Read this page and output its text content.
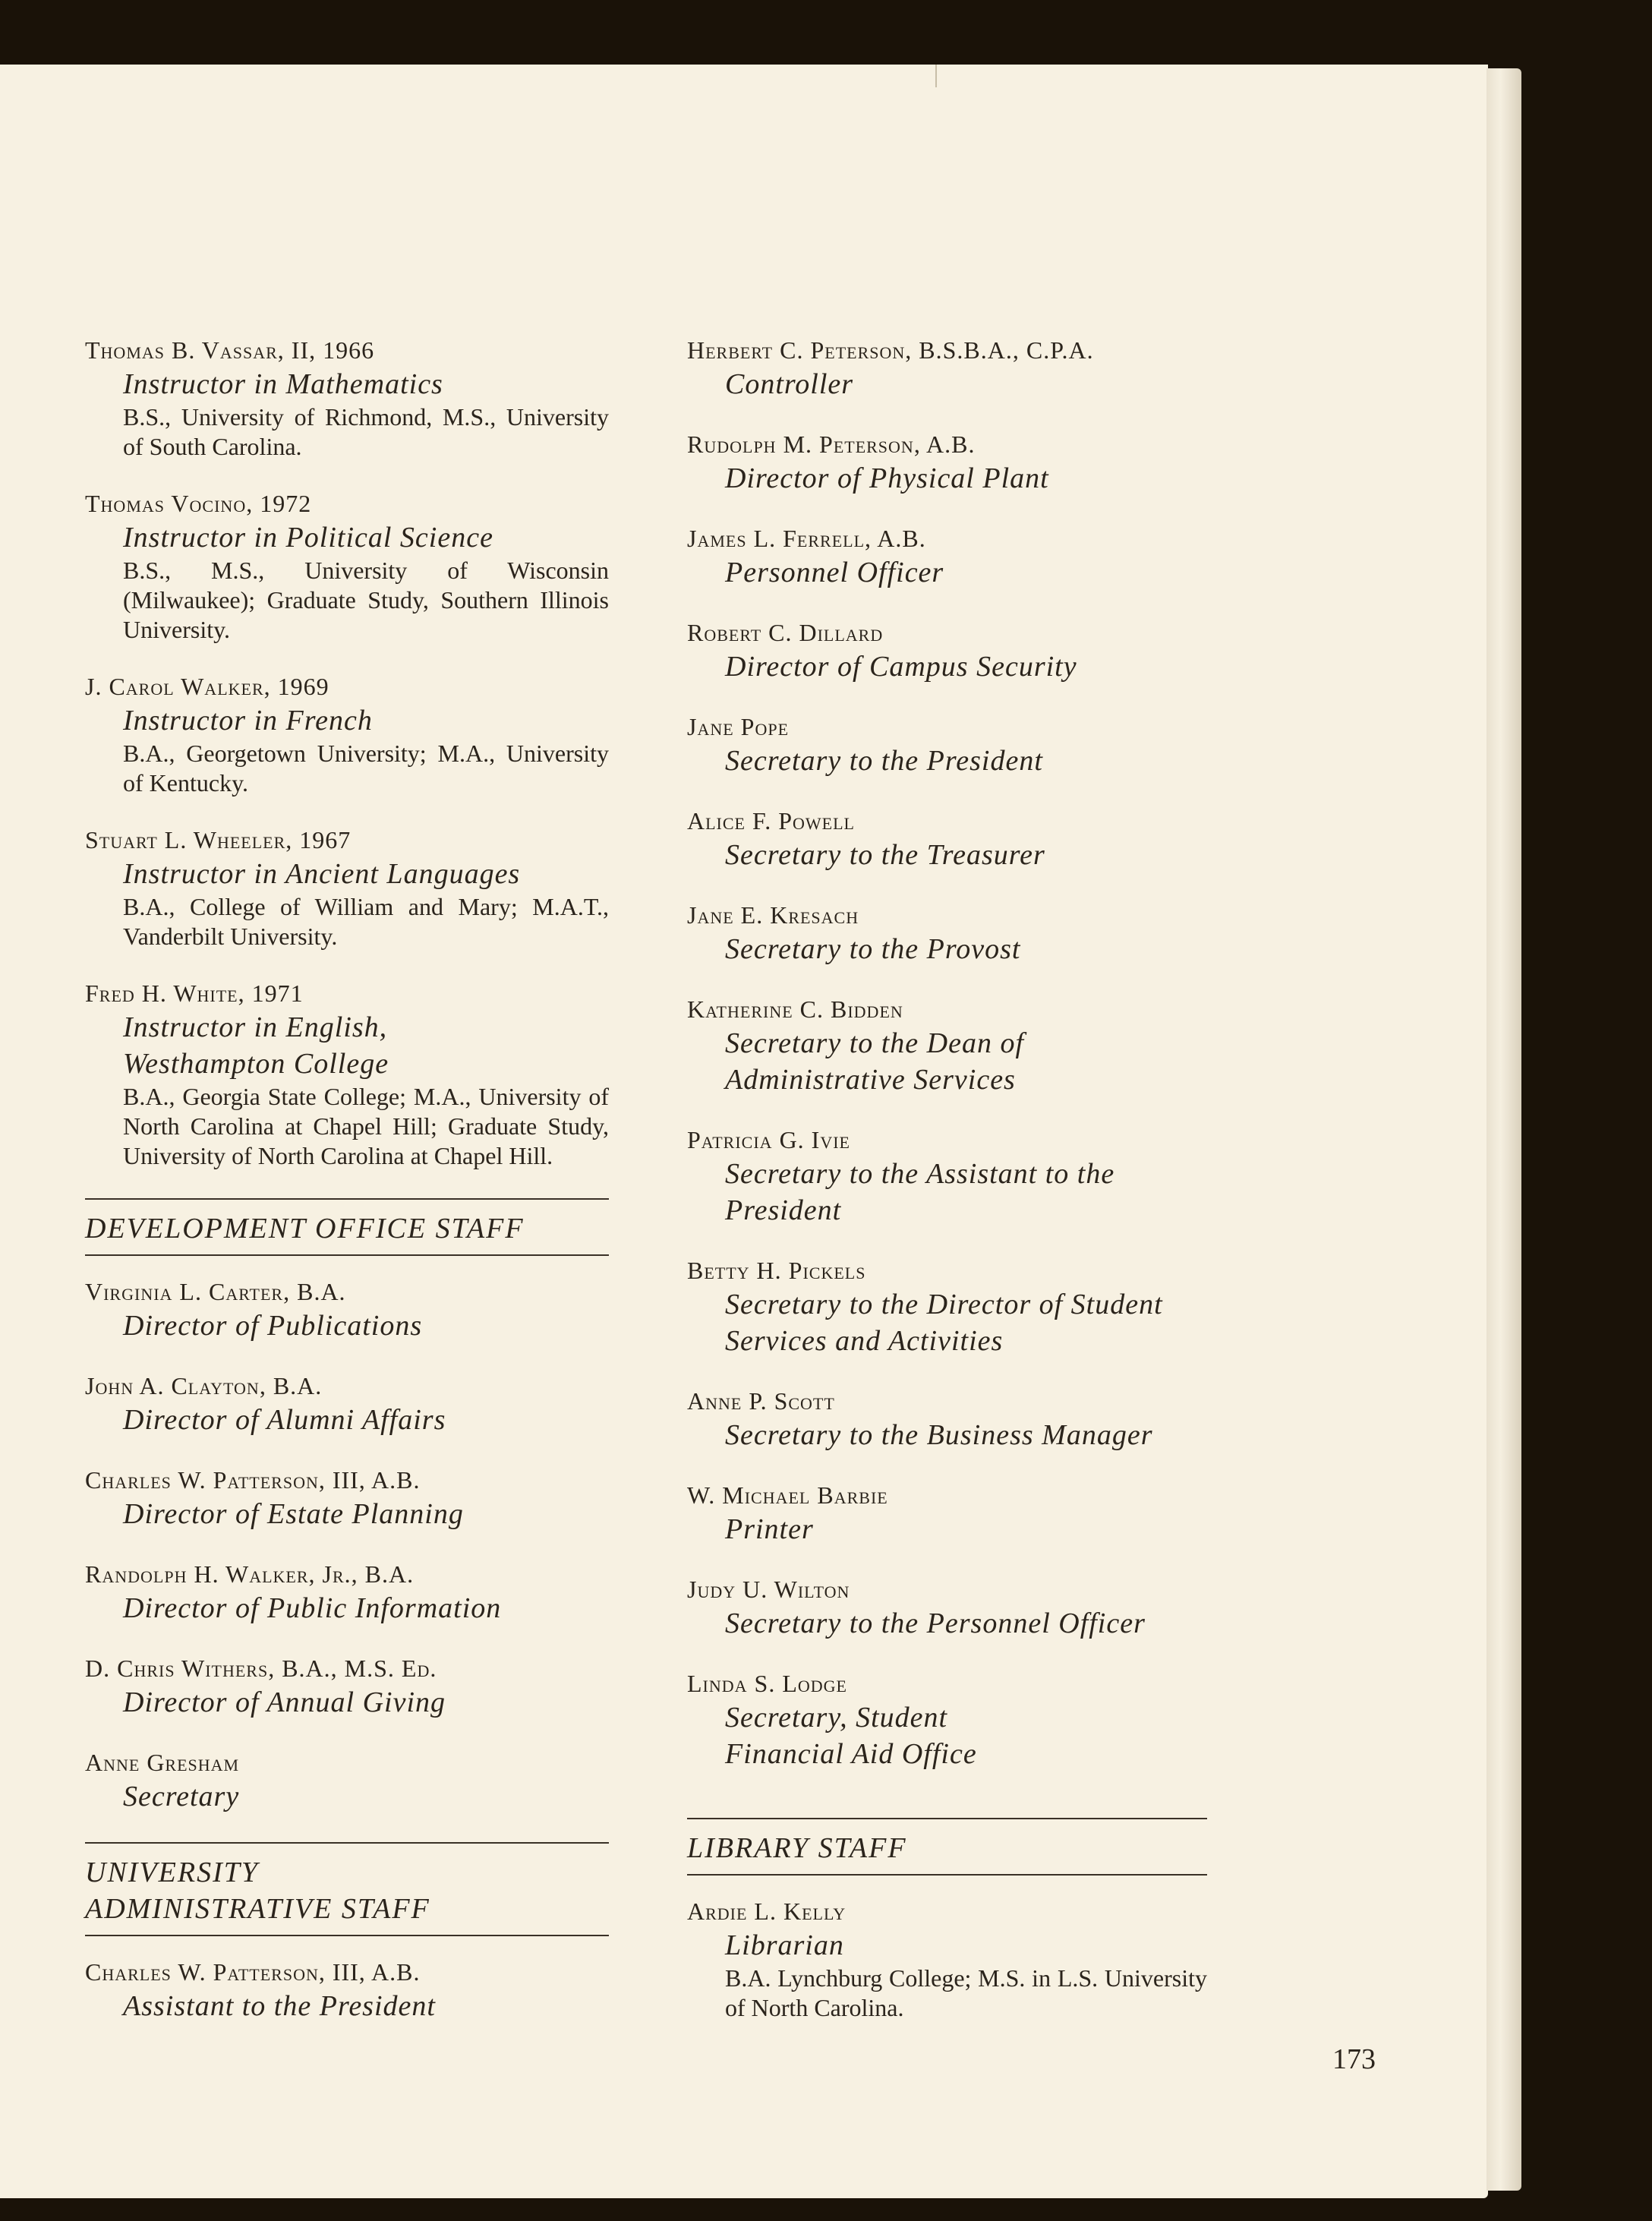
Thomas B. Vassar, II, 1966
Instructor in Mathematics
B.S., University of Richmond, M.S., University of South Carolina.
Thomas Vocino, 1972
Instructor in Political Science
B.S., M.S., University of Wisconsin (Milwaukee); Graduate Study, Southern Illinois University.
J. Carol Walker, 1969
Instructor in French
B.A., Georgetown University; M.A., University of Kentucky.
Stuart L. Wheeler, 1967
Instructor in Ancient Languages
B.A., College of William and Mary; M.A.T., Vanderbilt University.
Fred H. White, 1971
Instructor in English, Westhampton College
B.A., Georgia State College; M.A., University of North Carolina at Chapel Hill; Graduate Study, University of North Carolina at Chapel Hill.
DEVELOPMENT OFFICE STAFF
Virginia L. Carter, B.A.
Director of Publications
John A. Clayton, B.A.
Director of Alumni Affairs
Charles W. Patterson, III, A.B.
Director of Estate Planning
Randolph H. Walker, Jr., B.A.
Director of Public Information
D. Chris Withers, B.A., M.S. Ed.
Director of Annual Giving
Anne Gresham
Secretary
UNIVERSITY ADMINISTRATIVE STAFF
Charles W. Patterson, III, A.B.
Assistant to the President
Herbert C. Peterson, B.S.B.A., C.P.A.
Controller
Rudolph M. Peterson, A.B.
Director of Physical Plant
James L. Ferrell, A.B.
Personnel Officer
Robert C. Dillard
Director of Campus Security
Jane Pope
Secretary to the President
Alice F. Powell
Secretary to the Treasurer
Jane E. Kresach
Secretary to the Provost
Katherine C. Bidden
Secretary to the Dean of Administrative Services
Patricia G. Ivie
Secretary to the Assistant to the President
Betty H. Pickels
Secretary to the Director of Student Services and Activities
Anne P. Scott
Secretary to the Business Manager
W. Michael Barbie
Printer
Judy U. Wilton
Secretary to the Personnel Officer
Linda S. Lodge
Secretary, Student Financial Aid Office
LIBRARY STAFF
Ardie L. Kelly
Librarian
B.A. Lynchburg College; M.S. in L.S. University of North Carolina.
173
